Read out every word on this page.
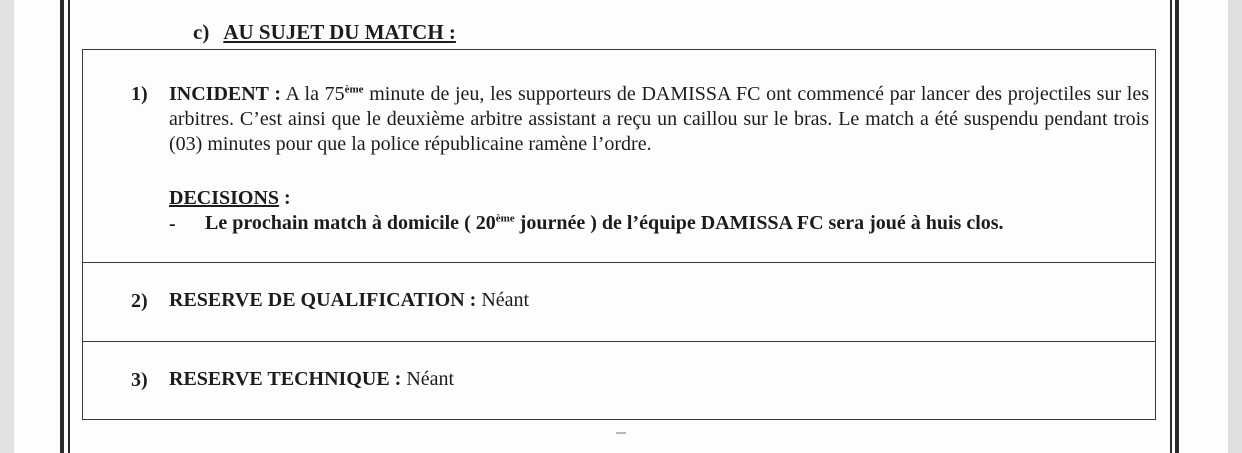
c) AU SUJET DU MATCH :
1) INCIDENT : A la 75ème minute de jeu, les supporteurs de DAMISSA FC ont commencé par lancer des projectiles sur les arbitres. C’est ainsi que le deuxième arbitre assistant a reçu un caillou sur le bras. Le match a été suspendu pendant trois (03) minutes pour que la police républicaine ramène l’ordre.
DECISIONS :
- Le prochain match à domicile ( 20ème journée ) de l’équipe DAMISSA FC sera joué à huis clos.
2) RESERVE DE QUALIFICATION : Néant
3) RESERVE TECHNIQUE : Néant
